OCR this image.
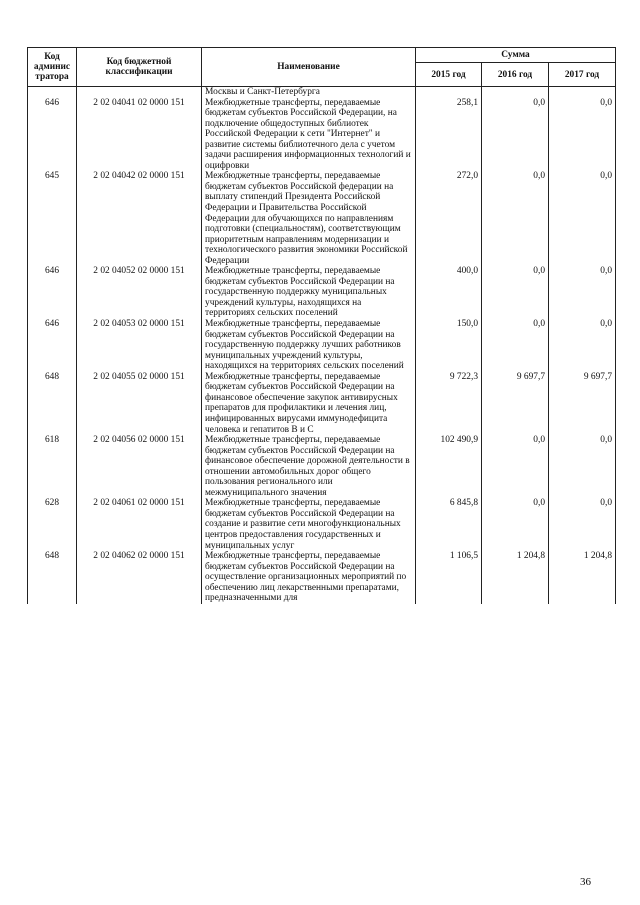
Код админис тратора	Код бюджетной классификации	Наименование	Сумма		
			2015 год	2016 год	2017 год
		Москвы и Санкт-Петербурга			
646	2 02 04041 02 0000 151	Межбюджетные трансферты, передаваемые бюджетам субъектов Российской Федерации, на подключение общедоступных библиотек Российской Федерации к сети "Интернет" и развитие системы библиотечного дела с учетом задачи расширения информационных технологий и оцифровки	258,1	0,0	0,0
645	2 02 04042 02 0000 151	Межбюджетные трансферты, передаваемые бюджетам субъектов Российской федерации на выплату стипендий Президента Российской Федерации и Правительства Российской Федерации для обучающихся по направлениям подготовки (специальностям), соответствующим приоритетным направлениям модернизации и технологического развития экономики Российской Федерации	272,0	0,0	0,0
646	2 02 04052 02 0000 151	Межбюджетные трансферты, передаваемые бюджетам субъектов Российской Федерации на государственную поддержку муниципальных учреждений культуры, находящихся на территориях сельских поселений	400,0	0,0	0,0
646	2 02 04053 02 0000 151	Межбюджетные трансферты, передаваемые бюджетам субъектов Российской Федерации на государственную поддержку лучших работников муниципальных учреждений культуры, находящихся на территориях сельских поселений	150,0	0,0	0,0
648	2 02 04055 02 0000 151	Межбюджетные трансферты, передаваемые бюджетам субъектов Российской Федерации на финансовое обеспечение закупок антивирусных препаратов для профилактики и лечения лиц, инфицированных вирусами иммунодефицита человека и гепатитов В и С	9 722,3	9 697,7	9 697,7
618	2 02 04056 02 0000 151	Межбюджетные трансферты, передаваемые бюджетам субъектов Российской Федерации на финансовое обеспечение дорожной деятельности в отношении автомобильных дорог общего пользования регионального или межмуниципального значения	102 490,9	0,0	0,0
628	2 02 04061 02 0000 151	Межбюджетные трансферты, передаваемые бюджетам субъектов Российской Федерации на создание и развитие сети многофункциональных центров предоставления государственных и муниципальных услуг	6 845,8	0,0	0,0
648	2 02 04062 02 0000 151	Межбюджетные трансферты, передаваемые бюджетам субъектов Российской Федерации на осуществление организационных мероприятий по обеспечению лиц лекарственными препаратами, предназначенными для	1 106,5	1 204,8	1 204,8
36
